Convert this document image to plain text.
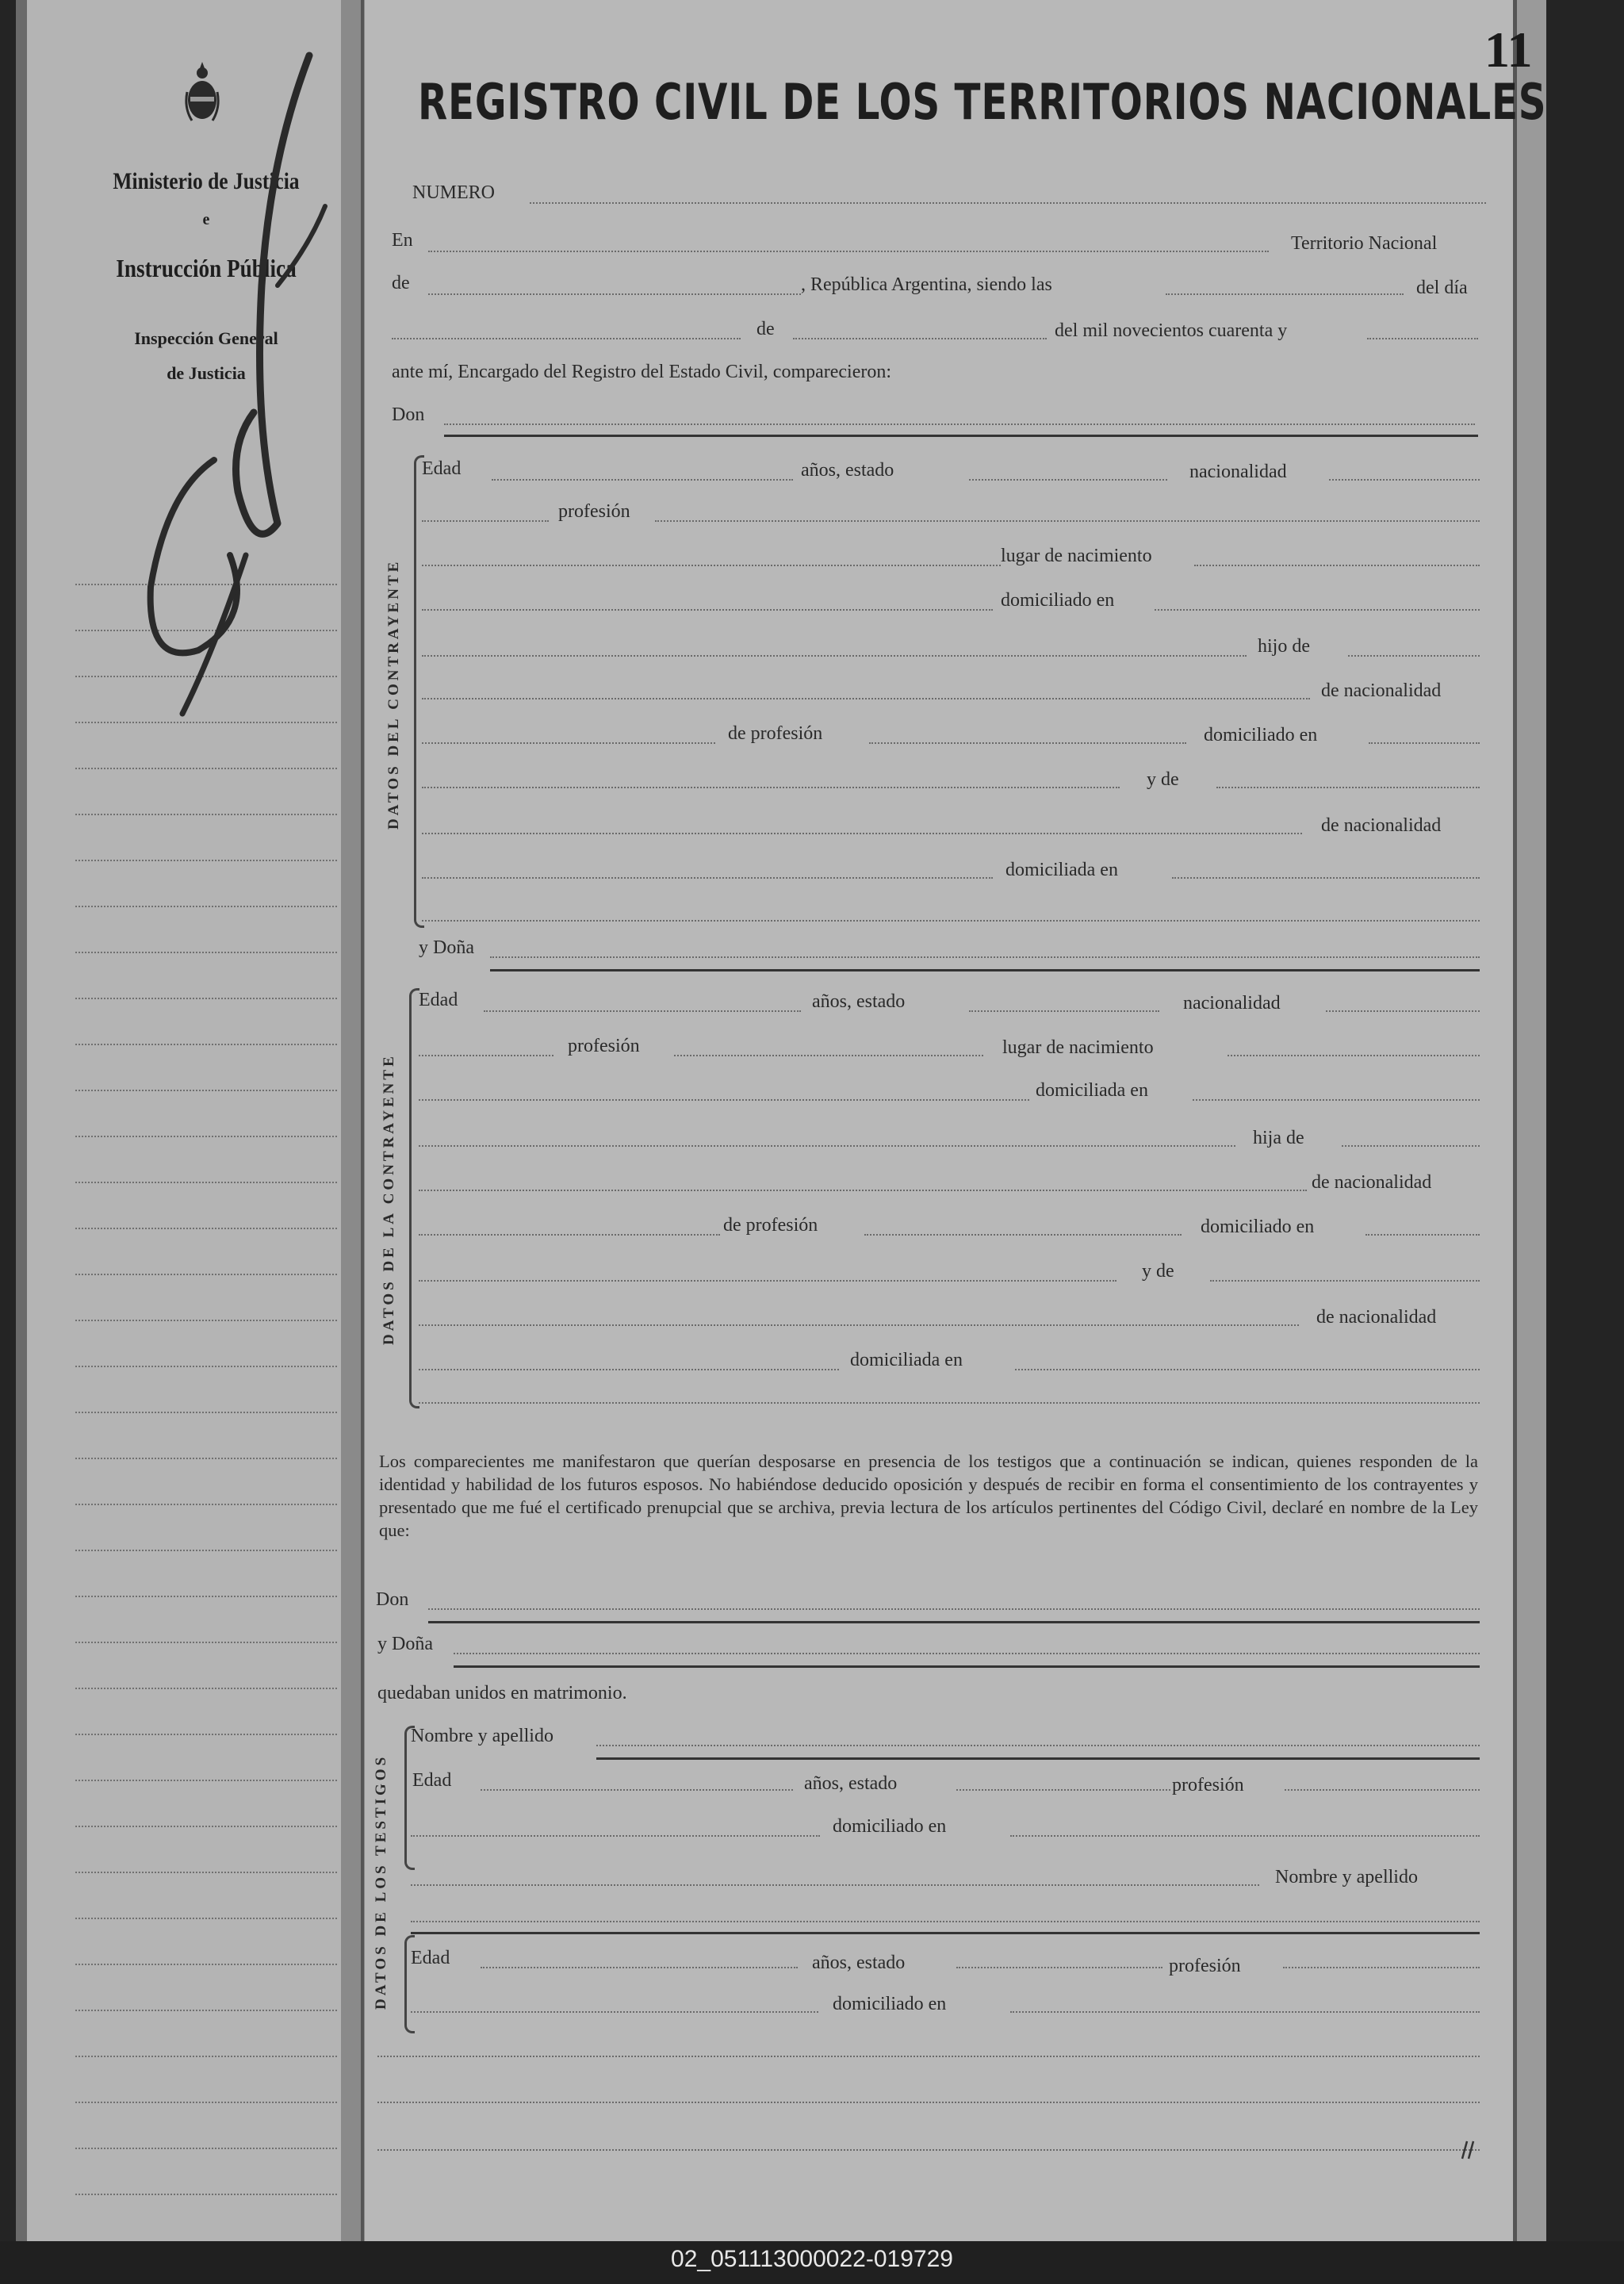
Ministerio de Justicia
e
Instrucción Pública
Inspección General
de Justicia
11
REGISTRO CIVIL DE LOS TERRITORIOS NACIONALES
NUMERO
En	Territorio Nacional
de	, República Argentina, siendo las	del día
de	del mil novecientos cuarenta y
ante mí, Encargado del Registro del Estado Civil, comparecieron:
Don
DATOS DEL CONTRAYENTE
Edad	años, estado	nacionalidad
profesión
lugar de nacimiento
domiciliado en
hijo de
de nacionalidad
de profesión	domiciliado en
y de
de nacionalidad
domiciliada en
y Doña
DATOS DE LA CONTRAYENTE
Edad	años, estado	nacionalidad
profesión	lugar de nacimiento
domiciliada en
hija de
de nacionalidad
de profesión	domiciliado en
y de
de nacionalidad
domiciliada en
Los comparecientes me manifestaron que querían desposarse en presencia de los testigos que a continuación se indican, quienes responden de la identidad y habilidad de los futuros esposos. No habiéndose deducido oposición y después de recibir en forma el consentimiento de los contrayentes y presentado que me fué el certificado prenupcial que se archiva, previa lectura de los artículos pertinentes del Código Civil, declaré en nombre de la Ley que:
Don
y Doña
quedaban unidos en matrimonio.
DATOS DE LOS TESTIGOS
Nombre y apellido
Edad	años, estado	profesión
domiciliado en
Nombre y apellido
Edad	años, estado	profesión
domiciliado en
02_051113000022-019729
